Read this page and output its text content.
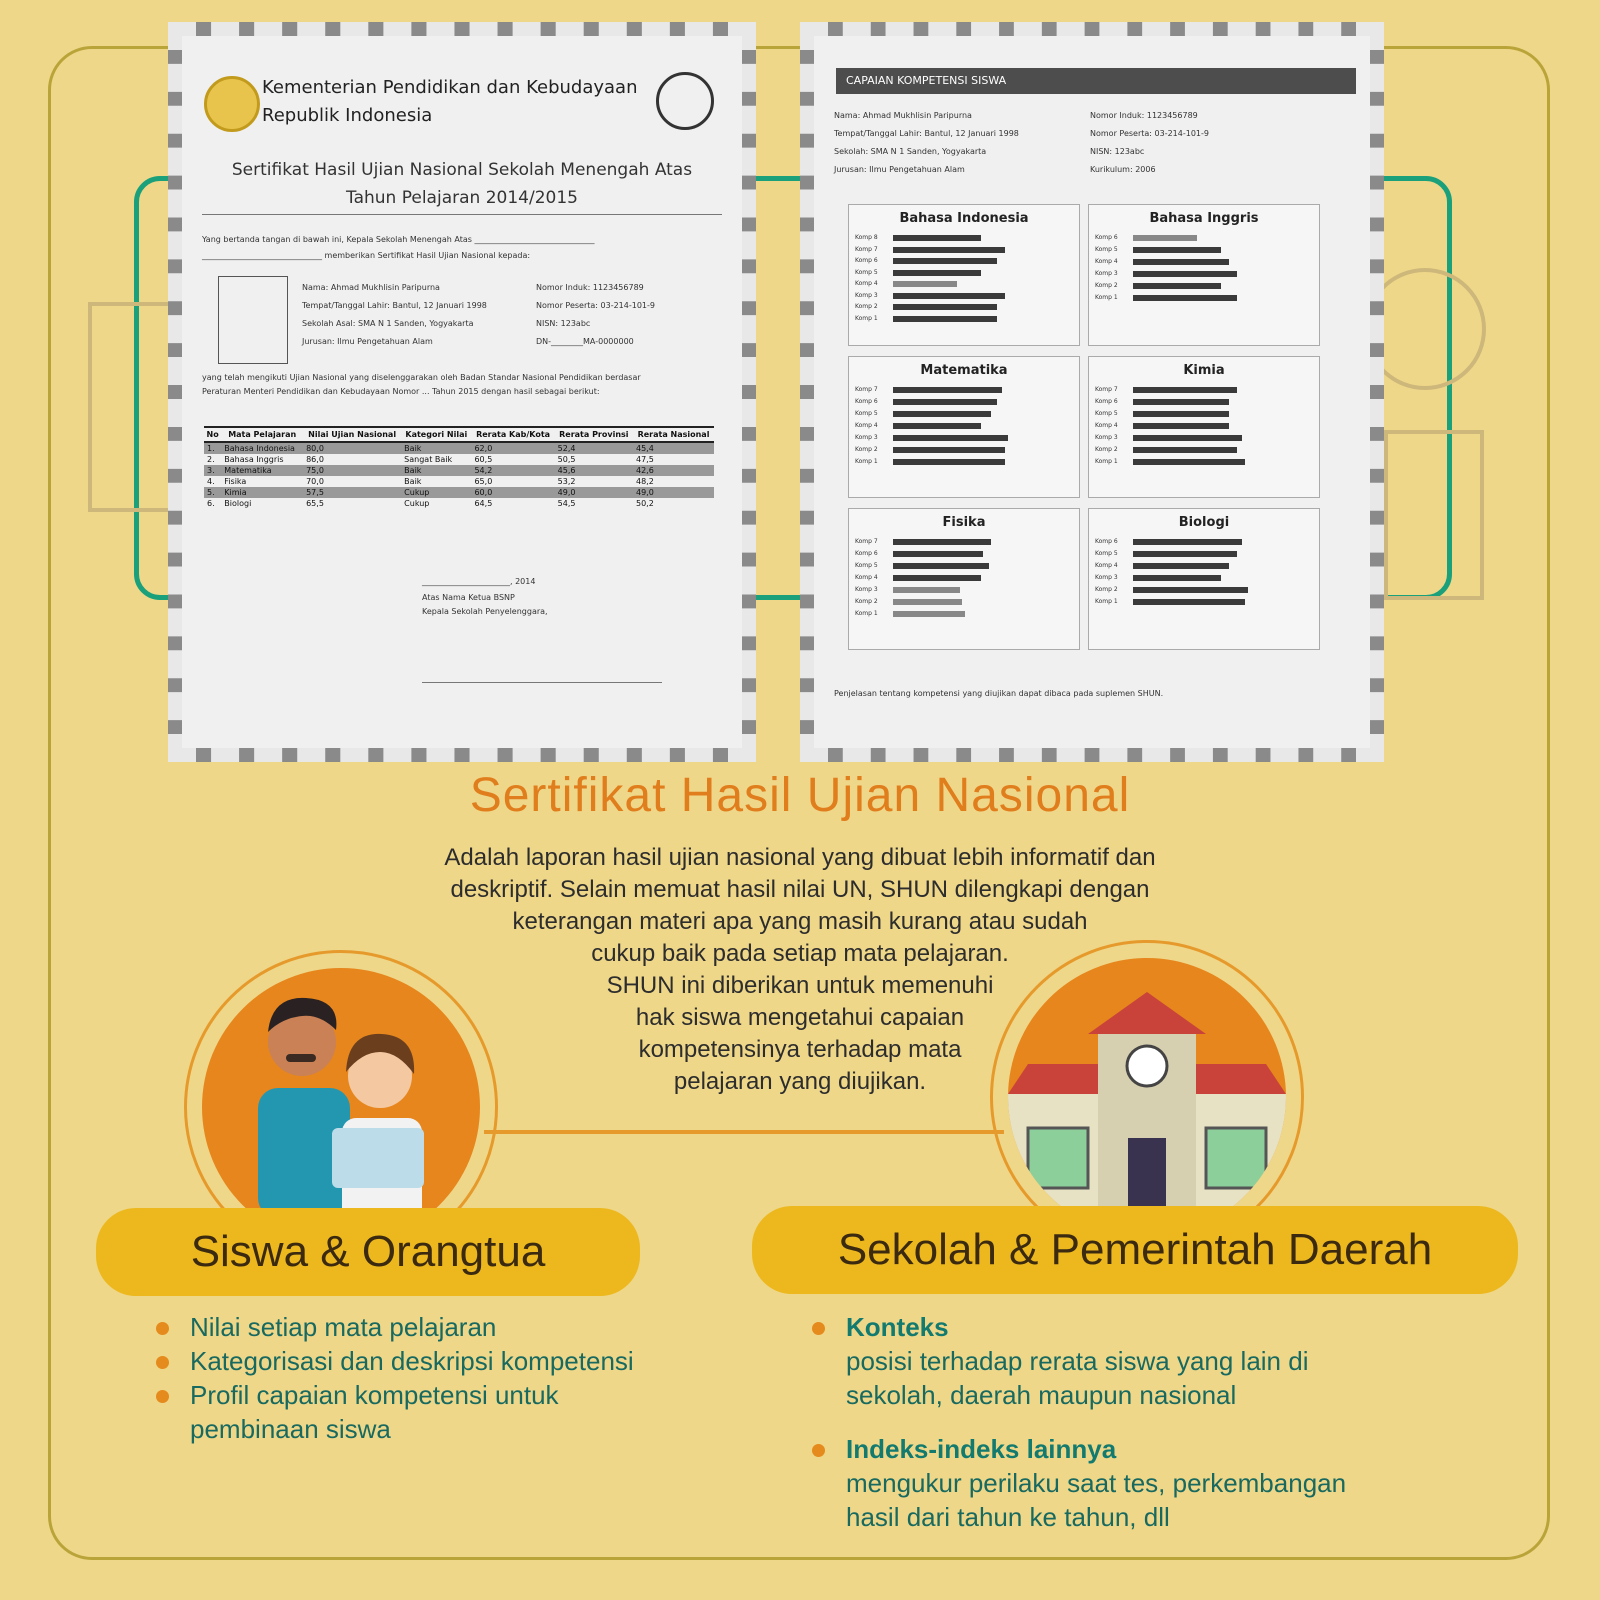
Kementerian Pendidikan dan Kebudayaan
Republik Indonesia
Sertifikat Hasil Ujian Nasional Sekolah Menengah Atas
Tahun Pelajaran 2014/2015
Yang bertanda tangan di bawah ini, Kepala Sekolah Menengah Atas ______________________________
______________________________ memberikan Sertifikat Hasil Ujian Nasional kepada:
Nama: Ahmad Mukhlisin Paripurna
Tempat/Tanggal Lahir: Bantul, 12 Januari 1998
Sekolah Asal: SMA N 1 Sanden, Yogyakarta
Jurusan: Ilmu Pengetahuan Alam
Nomor Induk: 1123456789
Nomor Peserta: 03-214-101-9
NISN: 123abc
DN-________MA-0000000
yang telah mengikuti Ujian Nasional yang diselenggarakan oleh Badan Standar Nasional Pendidikan berdasar
Peraturan Menteri Pendidikan dan Kebudayaan Nomor ... Tahun 2015 dengan hasil sebagai berikut:
No	Mata Pelajaran	Nilai Ujian Nasional	Kategori Nilai	Rerata Kab/Kota	Rerata Provinsi	Rerata Nasional
1.	Bahasa Indonesia	80,0	Baik	62,0	52,4	45,4
2.	Bahasa Inggris	86,0	Sangat Baik	60,5	50,5	47,5
3.	Matematika	75,0	Baik	54,2	45,6	42,6
4.	Fisika	70,0	Baik	65,0	53,2	48,2
5.	Kimia	57,5	Cukup	60,0	49,0	49,0
6.	Biologi	65,5	Cukup	64,5	54,5	50,2
______________________, 2014
Atas Nama Ketua BSNP
Kepala Sekolah Penyelenggara,
CAPAIAN KOMPETENSI SISWA
Nama: Ahmad Mukhlisin Paripurna
Tempat/Tanggal Lahir: Bantul, 12 Januari 1998
Sekolah: SMA N 1 Sanden, Yogyakarta
Jurusan: Ilmu Pengetahuan Alam
Nomor Induk: 1123456789
Nomor Peserta: 03-214-101-9
NISN: 123abc
Kurikulum: 2006
Bahasa Indonesia
Komp 8
Komp 7
Komp 6
Komp 5
Komp 4
Komp 3
Komp 2
Komp 1
Bahasa Inggris
Komp 6
Komp 5
Komp 4
Komp 3
Komp 2
Komp 1
Matematika
Komp 7
Komp 6
Komp 5
Komp 4
Komp 3
Komp 2
Komp 1
Kimia
Komp 7
Komp 6
Komp 5
Komp 4
Komp 3
Komp 2
Komp 1
Fisika
Komp 7
Komp 6
Komp 5
Komp 4
Komp 3
Komp 2
Komp 1
Biologi
Komp 6
Komp 5
Komp 4
Komp 3
Komp 2
Komp 1
Penjelasan tentang kompetensi yang diujikan dapat dibaca pada suplemen SHUN.
Sertifikat Hasil Ujian Nasional
Adalah laporan hasil ujian nasional yang dibuat lebih informatif dan
deskriptif. Selain memuat hasil nilai UN, SHUN dilengkapi dengan
keterangan materi apa yang masih kurang atau sudah
cukup baik pada setiap mata pelajaran.
SHUN ini diberikan untuk memenuhi
hak siswa mengetahui capaian
kompetensinya terhadap mata
pelajaran yang diujikan.
Siswa & Orangtua	Sekolah & Pemerintah Daerah
Nilai setiap mata pelajaran
Kategorisasi dan deskripsi kompetensi
Profil capaian kompetensi untuk
pembinaan siswa
Konteks
posisi terhadap rerata siswa yang lain di
sekolah, daerah maupun nasional
Indeks-indeks lainnya
mengukur perilaku saat tes, perkembangan
hasil dari tahun ke tahun, dll
